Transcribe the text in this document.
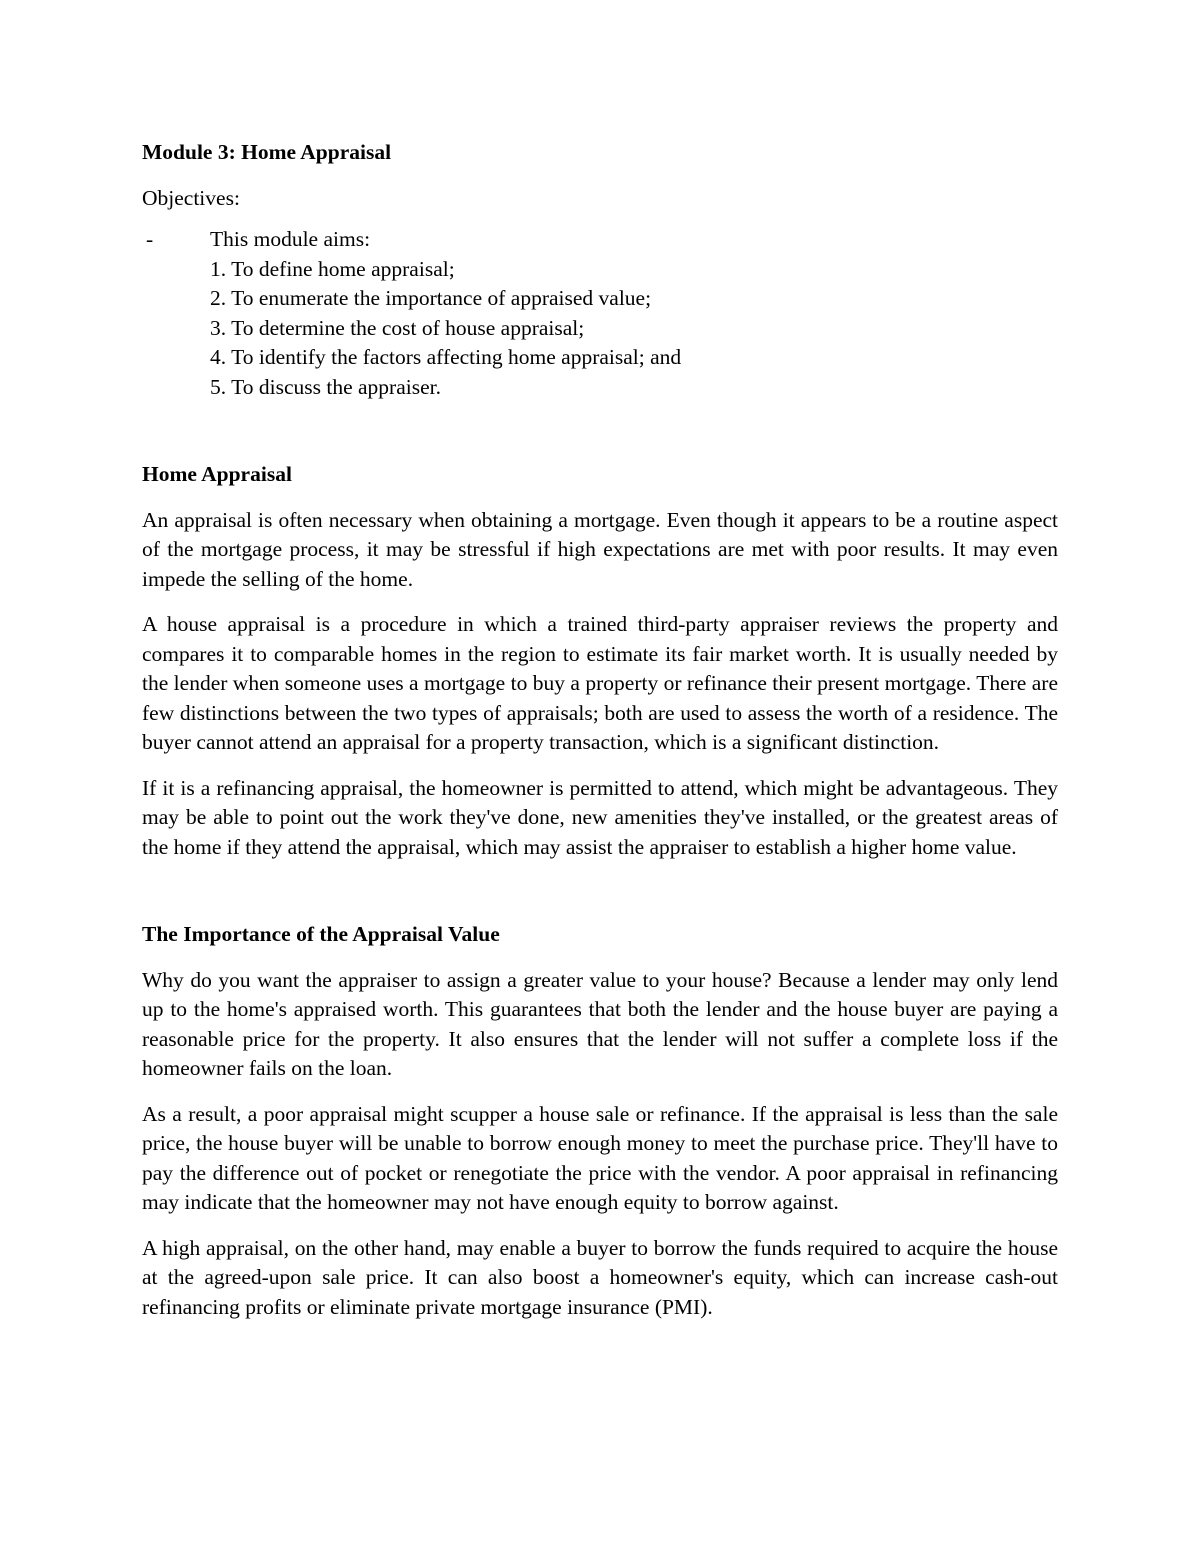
Module 3: Home Appraisal

Objectives:

-	This module aims:
1. To define home appraisal;
2. To enumerate the importance of appraised value;
3. To determine the cost of house appraisal;
4. To identify the factors affecting home appraisal; and
5. To discuss the appraiser.
Home Appraisal

An appraisal is often necessary when obtaining a mortgage. Even though it appears to be a routine aspect of the mortgage process, it may be stressful if high expectations are met with poor results. It may even impede the selling of the home.

A house appraisal is a procedure in which a trained third-party appraiser reviews the property and compares it to comparable homes in the region to estimate its fair market worth. It is usually needed by the lender when someone uses a mortgage to buy a property or refinance their present mortgage. There are few distinctions between the two types of appraisals; both are used to assess the worth of a residence. The buyer cannot attend an appraisal for a property transaction, which is a significant distinction.

If it is a refinancing appraisal, the homeowner is permitted to attend, which might be advantageous. They may be able to point out the work they've done, new amenities they've installed, or the greatest areas of the home if they attend the appraisal, which may assist the appraiser to establish a higher home value.

The Importance of the Appraisal Value

Why do you want the appraiser to assign a greater value to your house? Because a lender may only lend up to the home's appraised worth. This guarantees that both the lender and the house buyer are paying a reasonable price for the property. It also ensures that the lender will not suffer a complete loss if the homeowner fails on the loan.

As a result, a poor appraisal might scupper a house sale or refinance. If the appraisal is less than the sale price, the house buyer will be unable to borrow enough money to meet the purchase price. They'll have to pay the difference out of pocket or renegotiate the price with the vendor. A poor appraisal in refinancing may indicate that the homeowner may not have enough equity to borrow against.

A high appraisal, on the other hand, may enable a buyer to borrow the funds required to acquire the house at the agreed-upon sale price. It can also boost a homeowner's equity, which can increase cash-out refinancing profits or eliminate private mortgage insurance (PMI).
